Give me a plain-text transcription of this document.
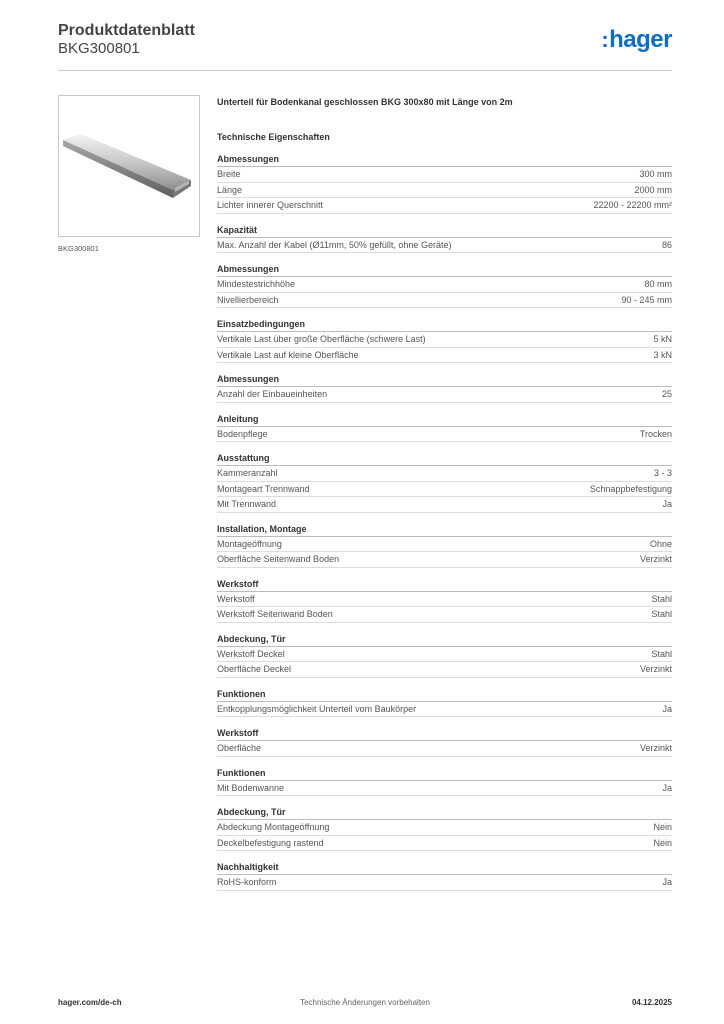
Produktdatenblatt
BKG300801	:hager
BKG300801
Unterteil für Bodenkanal geschlossen BKG 300x80 mit Länge von 2m
Technische Eigenschaften
Abmessungen
Breite	300 mm
Länge	2000 mm
Lichter innerer Querschnitt	22200 - 22200 mm²
Kapazität
Max. Anzahl der Kabel (Ø11mm, 50% gefüllt, ohne Geräte)	86
Abmessungen
Mindestestrichhöhe	80 mm
Nivellierbereich	90 - 245 mm
Einsatzbedingungen
Vertikale Last über große Oberfläche (schwere Last)	5 kN
Vertikale Last auf kleine Oberfläche	3 kN
Abmessungen
Anzahl der Einbaueinheiten	25
Anleitung
Bodenpflege	Trocken
Ausstattung
Kammeranzahl	3 - 3
Montageart Trennwand	Schnappbefestigung
Mit Trennwand	Ja
Installation, Montage
Montageöffnung	Ohne
Oberfläche Seitenwand Boden	Verzinkt
Werkstoff
Werkstoff	Stahl
Werkstoff Seitenwand Boden	Stahl
Abdeckung, Tür
Werkstoff Deckel	Stahl
Oberfläche Deckel	Verzinkt
Funktionen
Entkopplungsmöglichkeit Unterteil vom Baukörper	Ja
Werkstoff
Oberfläche	Verzinkt
Funktionen
Mit Bodenwanne	Ja
Abdeckung, Tür
Abdeckung Montageöffnung	Nein
Deckelbefestigung rastend	Nein
Nachhaltigkeit
RoHS-konform	Ja
hager.com/de-ch	Technische Änderungen vorbehalten	04.12.2025
